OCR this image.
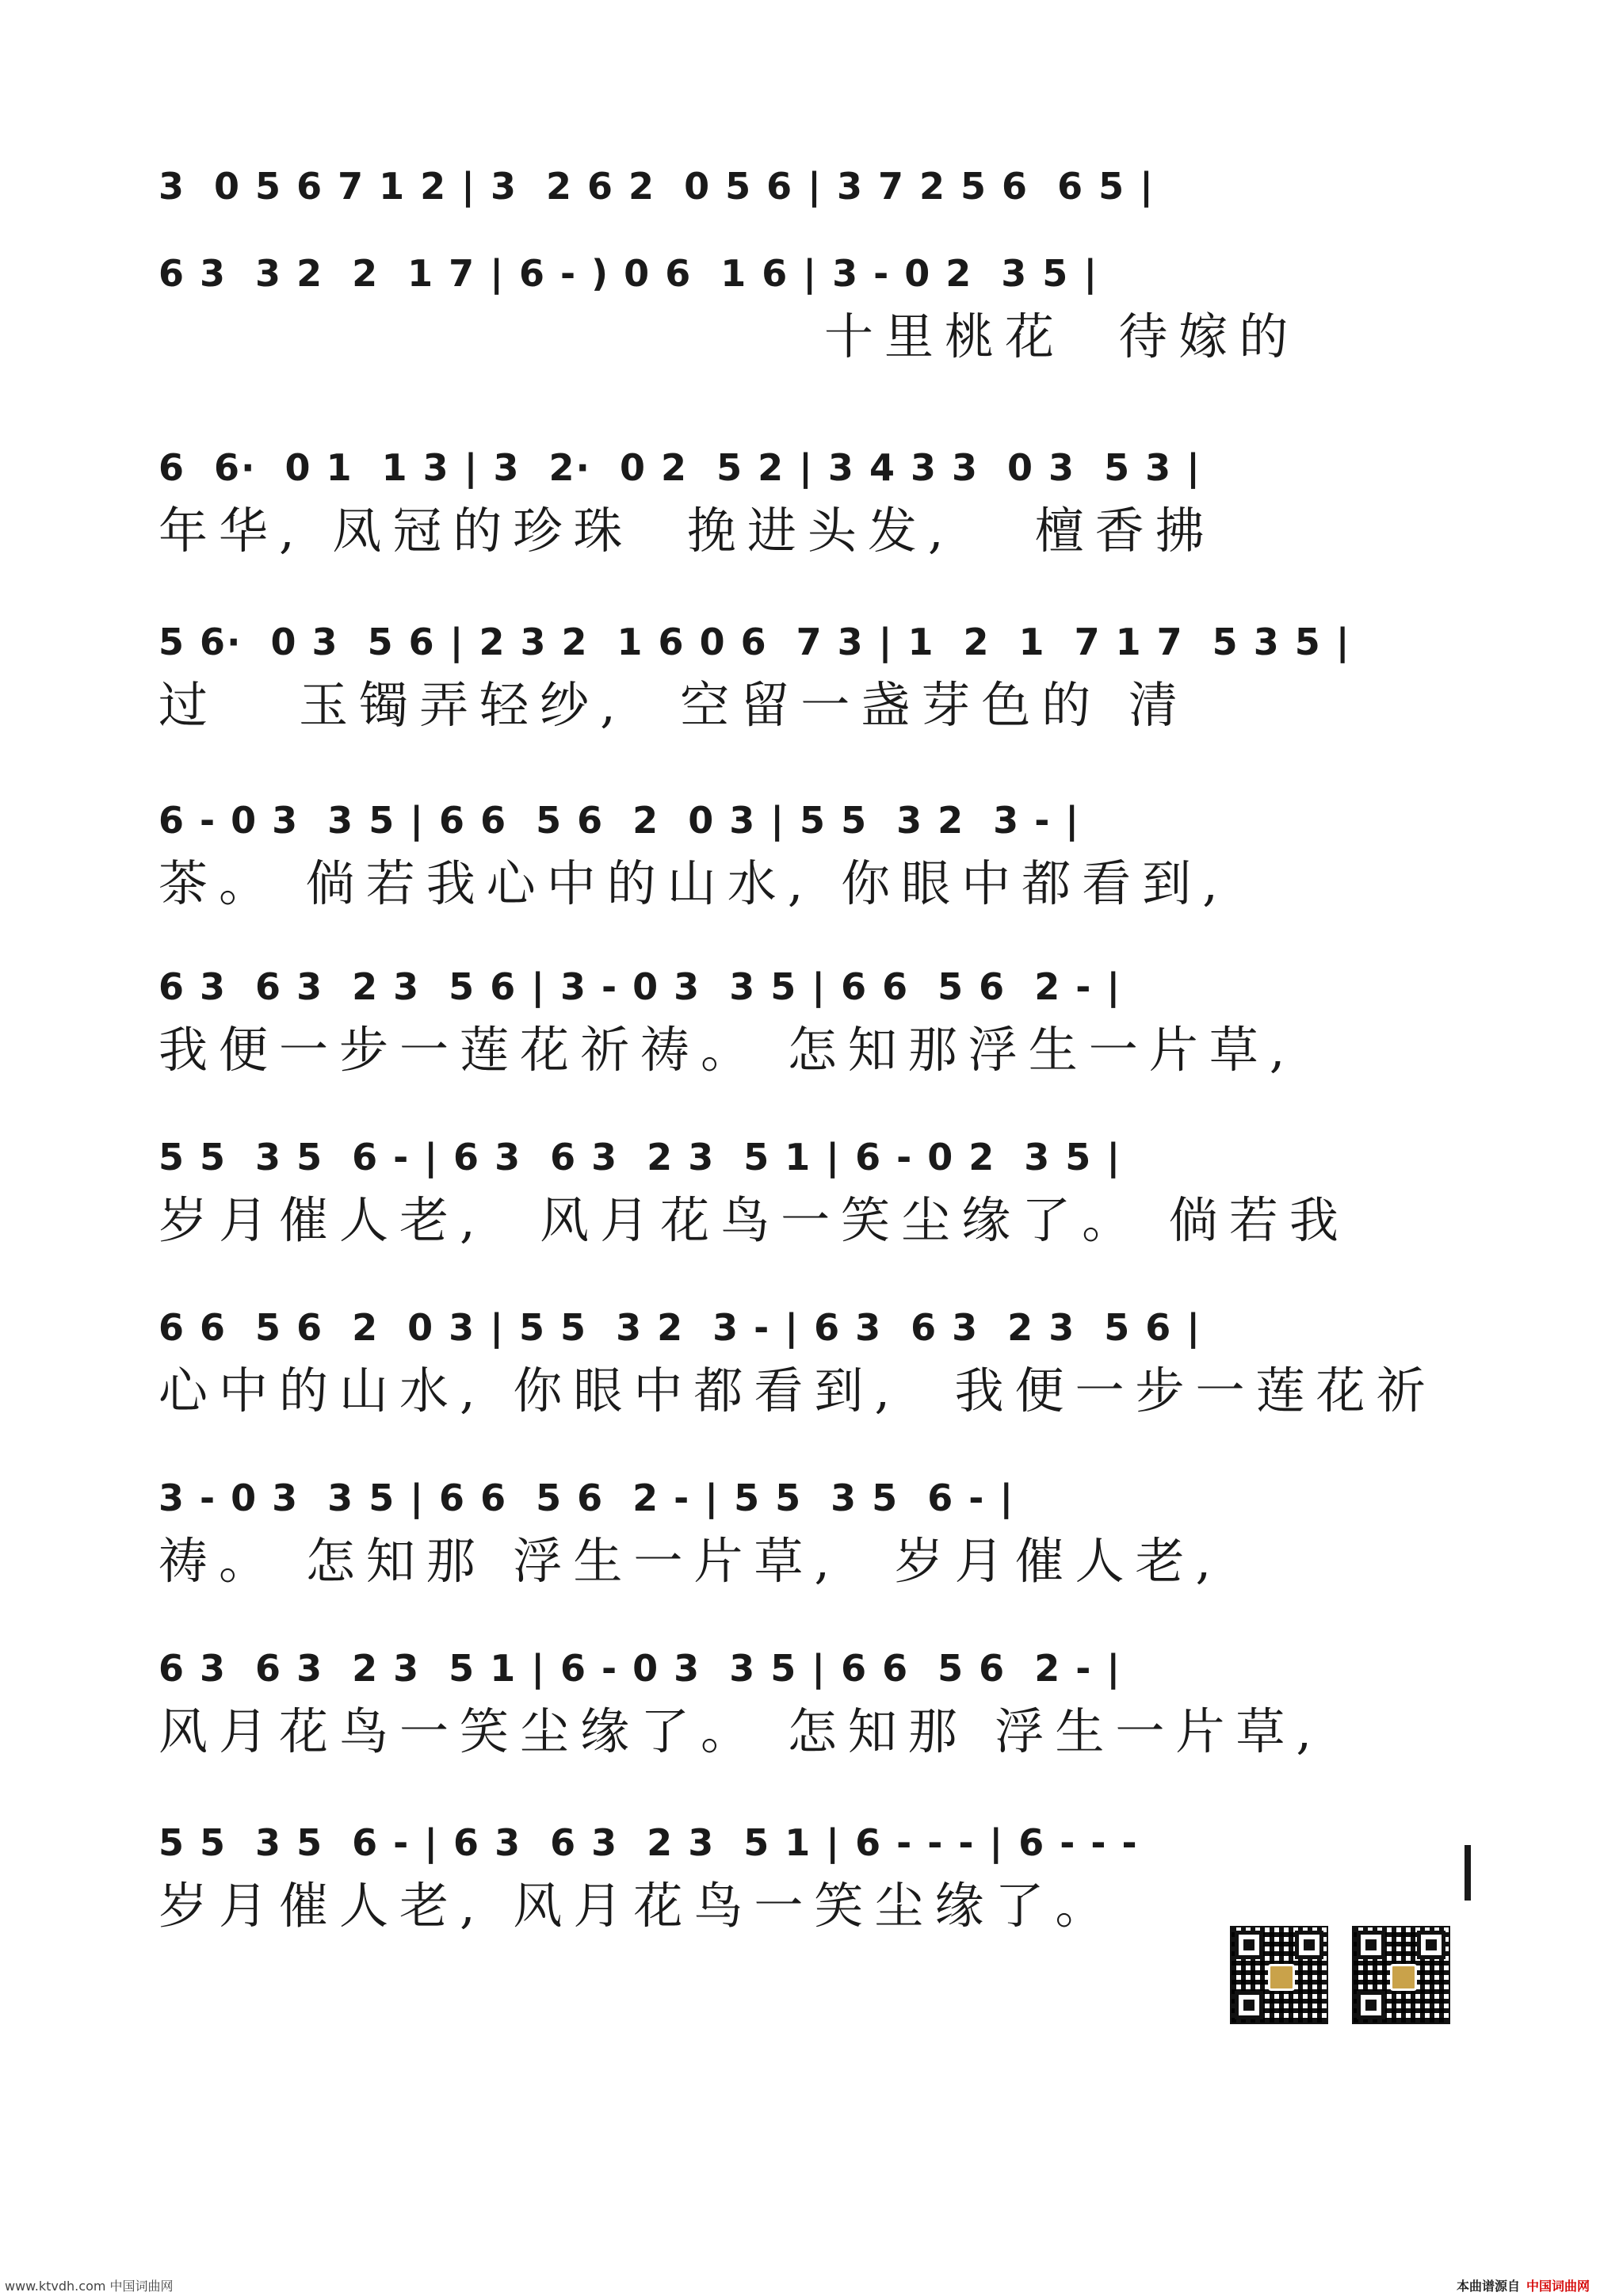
3  0 5 6 7 1 2 | 3  2 6 2  0 5 6 | 3 7 2 5 6  6 5 |
6 3  3 2  2  1 7 | 6 - ) 0 6  1 6 | 3 - 0 2  3 5 |
十里桃花  待嫁的
6  6·  0 1  1 3 | 3  2·  0 2  5 2 | 3 4 3 3  0 3  5 3 |
年华, 凤冠的珍珠  挽进头发,   檀香拂
5 6·  0 3  5 6 | 2 3 2  1 6 0 6  7 3 | 1  2  1  7 1 7  5 3 5 |
过   玉镯弄轻纱,  空留一盏芽色的 清
6 - 0 3  3 5 | 6 6  5 6  2  0 3 | 5 5  3 2  3 - |
茶。 倘若我心中的山水, 你眼中都看到,
6 3  6 3  2 3  5 6 | 3 - 0 3  3 5 | 6 6  5 6  2 - |
我便一步一莲花祈祷。 怎知那浮生一片草,
5 5  3 5  6 - | 6 3  6 3  2 3  5 1 | 6 - 0 2  3 5 |
岁月催人老,  风月花鸟一笑尘缘了。 倘若我
6 6  5 6  2  0 3 | 5 5  3 2  3 - | 6 3  6 3  2 3  5 6 |
心中的山水, 你眼中都看到,  我便一步一莲花祈
3 - 0 3  3 5 | 6 6  5 6  2 - | 5 5  3 5  6 - |
祷。 怎知那 浮生一片草,  岁月催人老,
6 3  6 3  2 3  5 1 | 6 - 0 3  3 5 | 6 6  5 6  2 - |
风月花鸟一笑尘缘了。 怎知那 浮生一片草,
5 5  3 5  6 - | 6 3  6 3  2 3  5 1 | 6 - - - | 6 - - -
岁月催人老, 风月花鸟一笑尘缘了。
www.ktvdh.com 中国词曲网	本曲谱源自 中国词曲网
